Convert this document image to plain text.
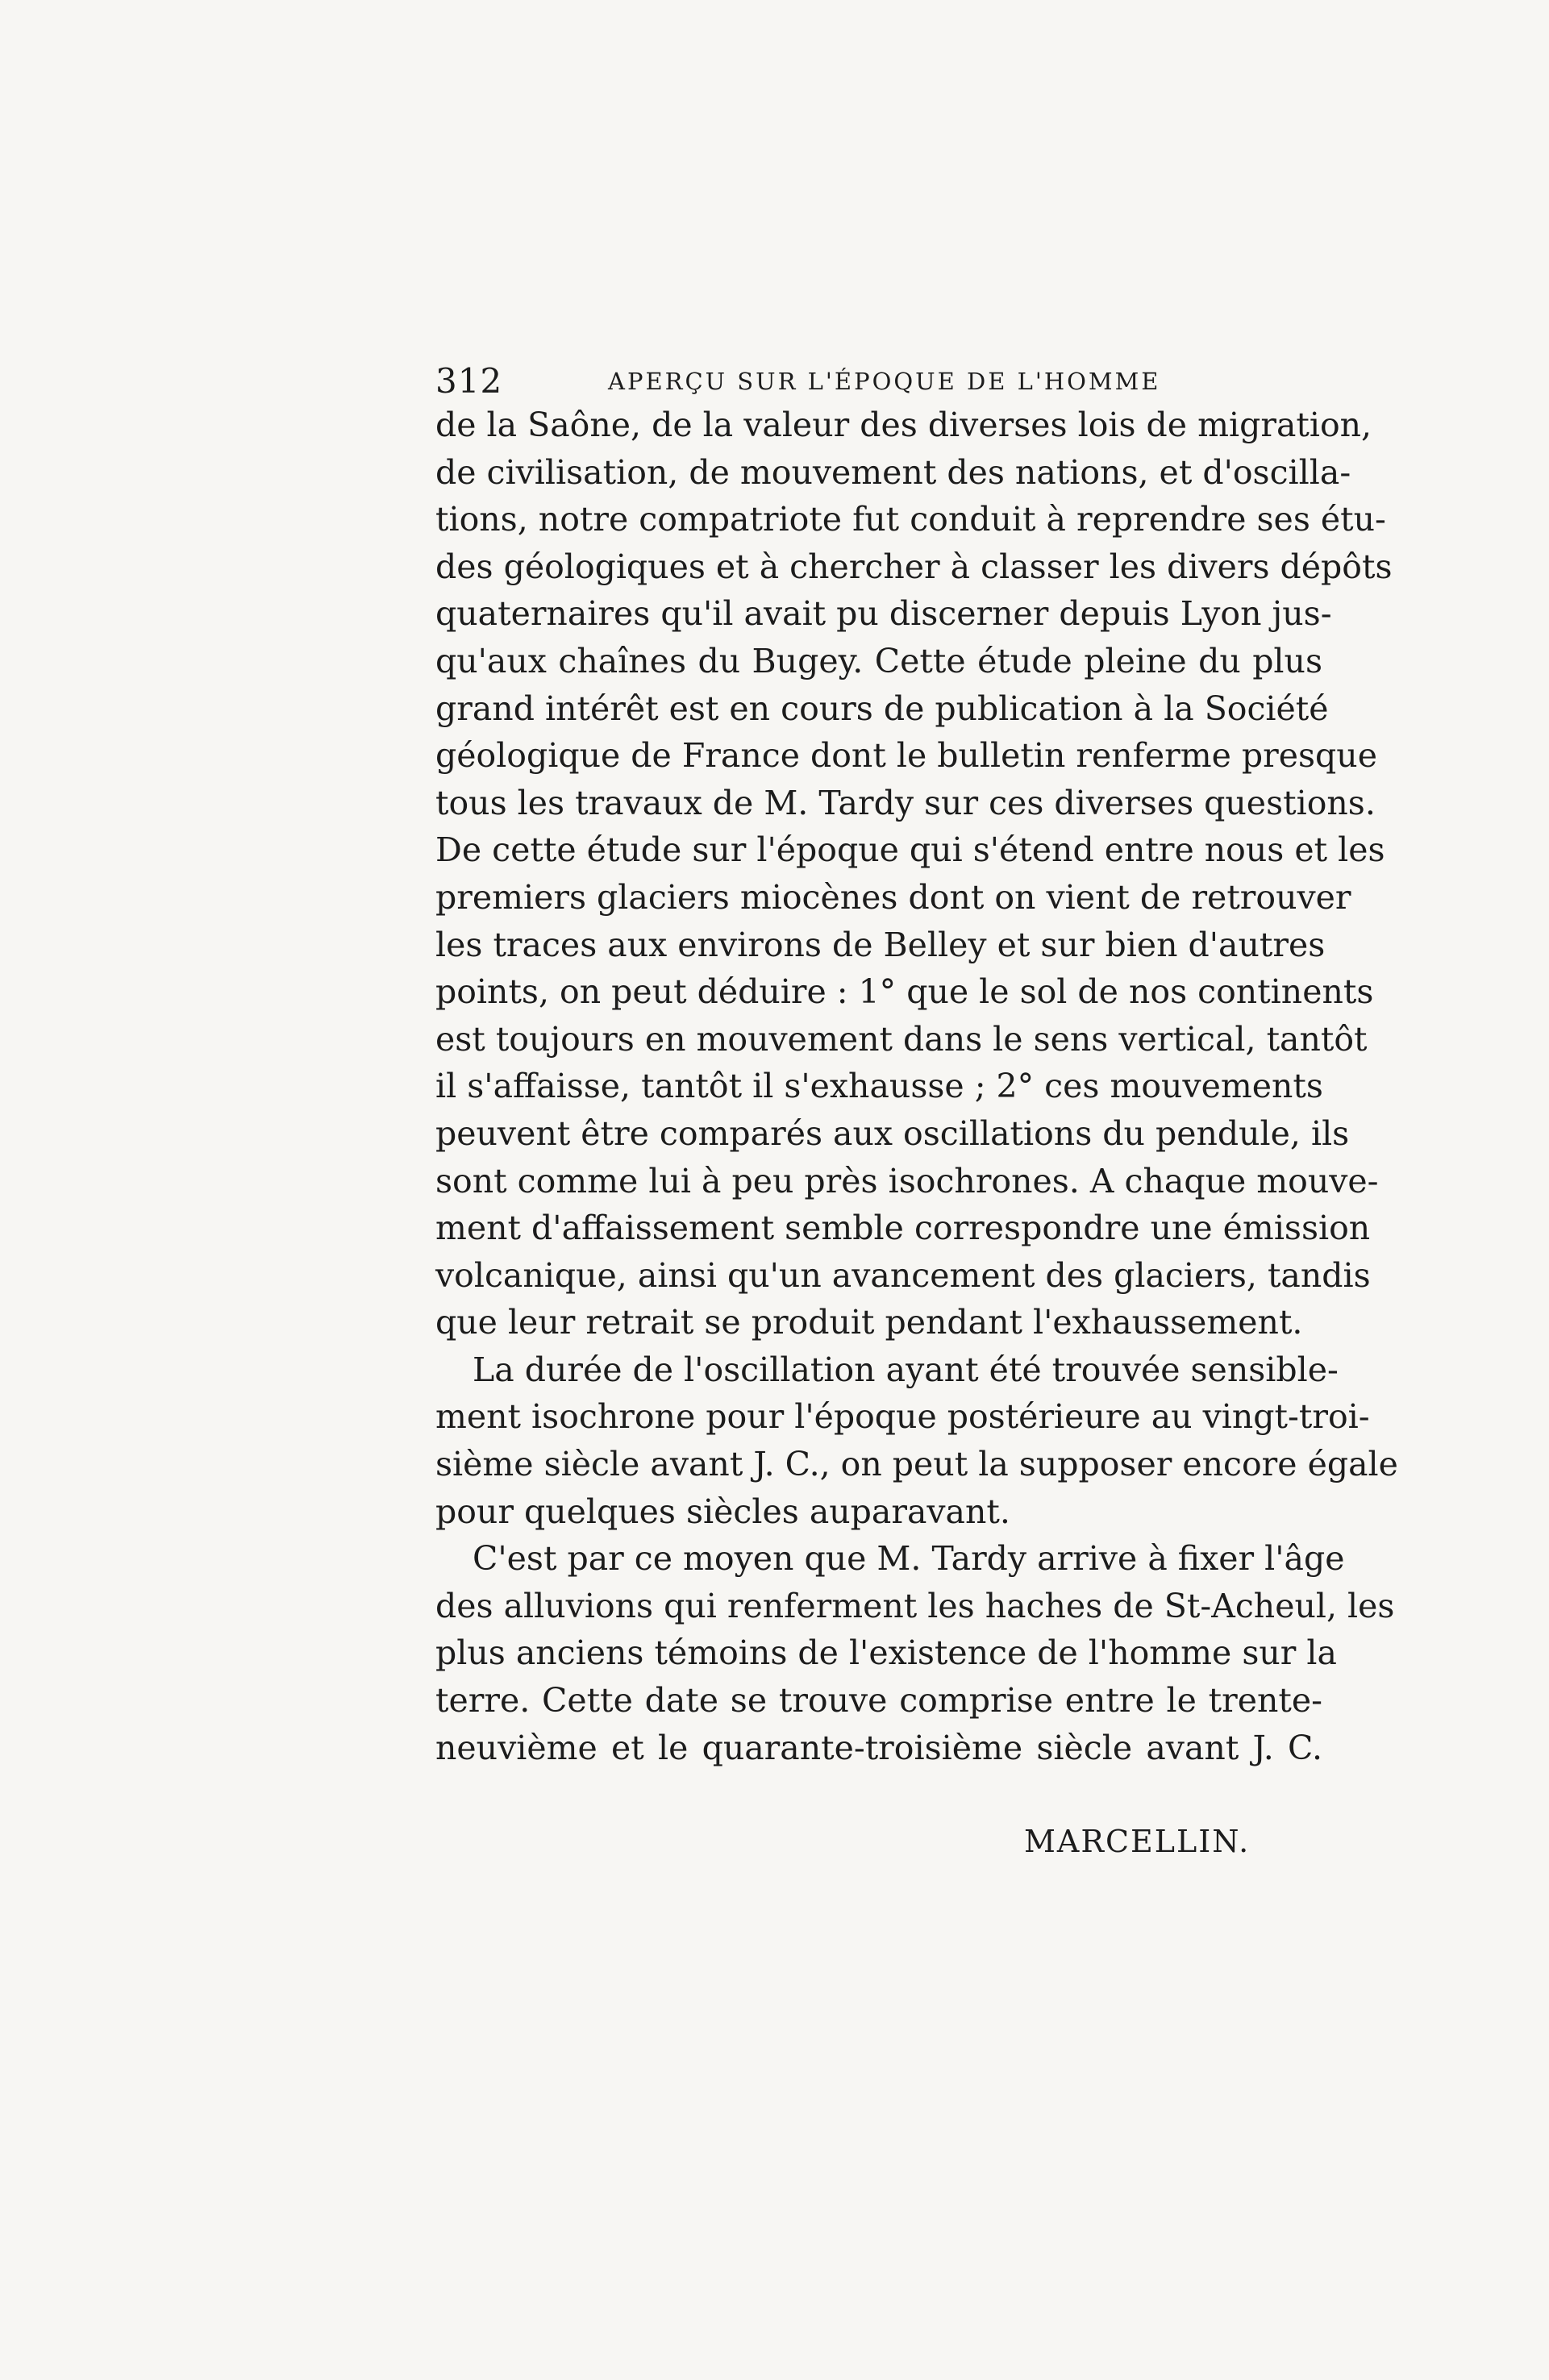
312	APERÇU SUR L'ÉPOQUE DE L'HOMME
de la Saône, de la valeur des diverses lois de migration,
de civilisation, de mouvement des nations, et d'oscilla-
tions, notre compatriote fut conduit à reprendre ses étu-
des géologiques et à chercher à classer les divers dépôts
quaternaires qu'il avait pu discerner depuis Lyon jus-
qu'aux chaînes du Bugey. Cette étude pleine du plus
grand intérêt est en cours de publication à la Société
géologique de France dont le bulletin renferme presque
tous les travaux de M. Tardy sur ces diverses questions.
De cette étude sur l'époque qui s'étend entre nous et les
premiers glaciers miocènes dont on vient de retrouver
les traces aux environs de Belley et sur bien d'autres
points, on peut déduire : 1° que le sol de nos continents
est toujours en mouvement dans le sens vertical, tantôt
il s'affaisse, tantôt il s'exhausse ; 2° ces mouvements
peuvent être comparés aux oscillations du pendule, ils
sont comme lui à peu près isochrones. A chaque mouve-
ment d'affaissement semble correspondre une émission
volcanique, ainsi qu'un avancement des glaciers, tandis
que leur retrait se produit pendant l'exhaussement.
La durée de l'oscillation ayant été trouvée sensible-
ment isochrone pour l'époque postérieure au vingt-troi-
sième siècle avant J. C., on peut la supposer encore égale
pour quelques siècles auparavant.
C'est par ce moyen que M. Tardy arrive à fixer l'âge
des alluvions qui renferment les haches de St-Acheul, les
plus anciens témoins de l'existence de l'homme sur la
terre. Cette date se trouve comprise entre le trente-
neuvième et le quarante-troisième siècle avant J. C.
MARCELLIN.
